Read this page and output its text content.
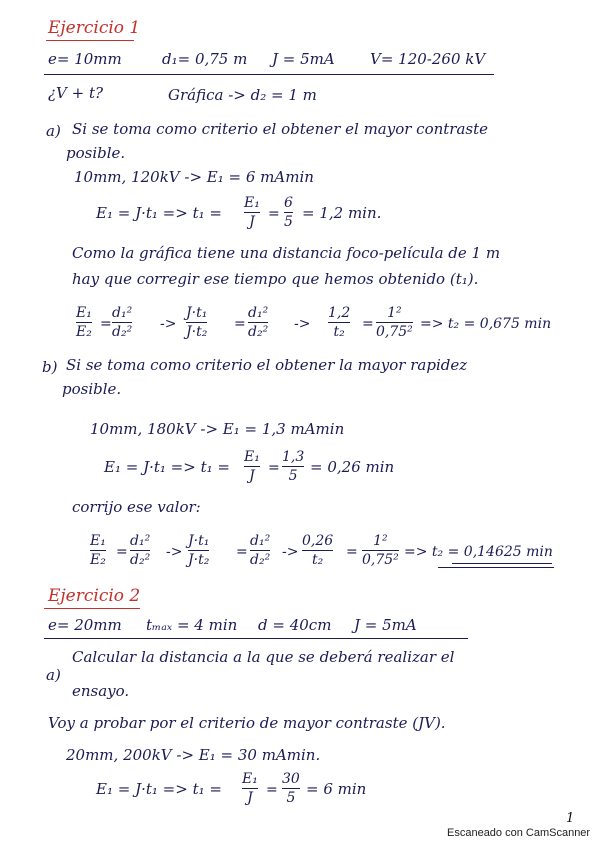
Ejercicio 1
e= 10mm	d₁= 0,75 m J = 5mA V= 120-260 kV
¿V + t?	Gráfica -> d₂ = 1 m
a) Si se toma como criterio el obtener el mayor contraste
posible.
10mm, 120kV -> E₁ = 6 mAmin
E₁ = J·t₁ => t₁ =
E₁
J =
6
5 = 1,2 min.
Como la gráfica tiene una distancia foco-película de 1 m
hay que corregir ese tiempo que hemos obtenido (t₁).
E₁
E₂ =
d₁²
d₂² ->
J·t₁
J·t₂ =
d₁²
d₂² ->
1,2
t₂ =
1²
0,75² => t₂ = 0,675 min
b) Si se toma como criterio el obtener la mayor rapidez
posible.
10mm, 180kV -> E₁ = 1,3 mAmin
E₁ = J·t₁ => t₁ =
E₁
J =
1,3
5 = 0,26 min
corrijo ese valor:
E₁
E₂ =
d₁²
d₂² ->
J·t₁
J·t₂ =
d₁²
d₂² ->
0,26
t₂ =
1²
0,75² => t₂ = 0,14625 min
Ejercicio 2
e= 20mm tₘₐₓ = 4 min d = 40cm J = 5mA
a)
Calcular la distancia a la que se deberá realizar el
ensayo.
Voy a probar por el criterio de mayor contraste (JV).
20mm, 200kV -> E₁ = 30 mAmin.
E₁ = J·t₁ => t₁ =
E₁
J =
30
5 = 6 min
1
Escaneado con CamScanner
